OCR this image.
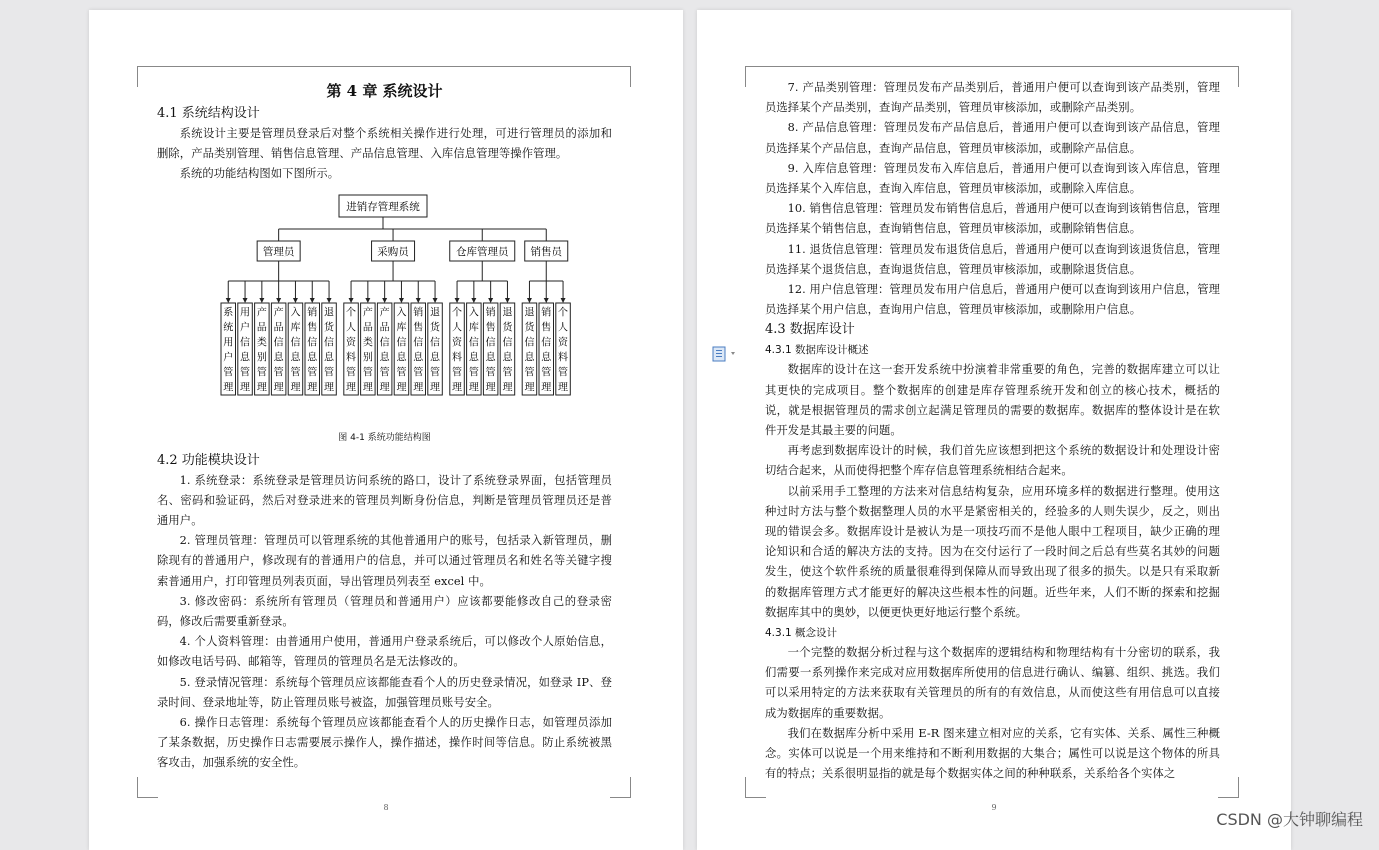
第 4 章 系统设计
4.1 系统结构设计

系统设计主要是管理员登录后对整个系统相关操作进行处理，可进行管理员的添加和删除，产品类别管理、销售信息管理、产品信息管理、入库信息管理等操作管理。

系统的功能结构图如下图所示。

进销存管理系统
管理员
系
统
用
户
管
理
用
户
信
息
管
理
产
品
类
别
管
理
产
品
信
息
管
理
入
库
信
息
管
理
销
售
信
息
管
理
退
货
信
息
管
理
采购员
个
人
资
料
管
理
产
品
类
别
管
理
产
品
信
息
管
理
入
库
信
息
管
理
销
售
信
息
管
理
退
货
信
息
管
理
仓库管理员
个
人
资
料
管
理
入
库
信
息
管
理
销
售
信
息
管
理
退
货
信
息
管
理
销售员
退
货
信
息
管
理
销
售
信
息
管
理
个
人
资
料
管
理
图 4-1 系统功能结构图
4.2 功能模块设计

1. 系统登录：系统登录是管理员访问系统的路口，设计了系统登录界面，包括管理员名、密码和验证码，然后对登录进来的管理员判断身份信息，判断是管理员管理员还是普通用户。

2. 管理员管理：管理员可以管理系统的其他普通用户的账号，包括录入新管理员，删除现有的普通用户，修改现有的普通用户的信息，并可以通过管理员名和姓名等关键字搜索普通用户，打印管理员列表页面，导出管理员列表至 excel 中。

3. 修改密码：系统所有管理员（管理员和普通用户）应该都要能修改自己的登录密码，修改后需要重新登录。

4. 个人资料管理：由普通用户使用，普通用户登录系统后，可以修改个人原始信息，如修改电话号码、邮箱等，管理员的管理员名是无法修改的。

5. 登录情况管理：系统每个管理员应该都能查看个人的历史登录情况，如登录 IP、登录时间、登录地址等，防止管理员账号被盗，加强管理员账号安全。

6. 操作日志管理：系统每个管理员应该都能查看个人的历史操作日志，如管理员添加了某条数据，历史操作日志需要展示操作人，操作描述，操作时间等信息。防止系统被黑客攻击，加强系统的安全性。

8

7. 产品类别管理：管理员发布产品类别后，普通用户便可以查询到该产品类别，管理员选择某个产品类别，查询产品类别，管理员审核添加，或删除产品类别。

8. 产品信息管理：管理员发布产品信息后，普通用户便可以查询到该产品信息，管理员选择某个产品信息，查询产品信息，管理员审核添加，或删除产品信息。

9. 入库信息管理：管理员发布入库信息后，普通用户便可以查询到该入库信息，管理员选择某个入库信息，查询入库信息，管理员审核添加，或删除入库信息。

10. 销售信息管理：管理员发布销售信息后，普通用户便可以查询到该销售信息，管理员选择某个销售信息，查询销售信息，管理员审核添加，或删除销售信息。

11. 退货信息管理：管理员发布退货信息后，普通用户便可以查询到该退货信息，管理员选择某个退货信息，查询退货信息，管理员审核添加，或删除退货信息。

12. 用户信息管理：管理员发布用户信息后，普通用户便可以查询到该用户信息，管理员选择某个用户信息，查询用户信息，管理员审核添加，或删除用户信息。

4.3 数据库设计
4.3.1 数据库设计概述

数据库的设计在这一套开发系统中扮演着非常重要的角色，完善的数据库建立可以让其更快的完成项目。整个数据库的创建是库存管理系统开发和创立的核心技术，概括的说，就是根据管理员的需求创立起满足管理员的需要的数据库。数据库的整体设计是在软件开发是其最主要的问题。

再考虑到数据库设计的时候，我们首先应该想到把这个系统的数据设计和处理设计密切结合起来，从而使得把整个库存信息管理系统相结合起来。

以前采用手工整理的方法来对信息结构复杂，应用环境多样的数据进行整理。使用这种过时方法与整个数据整理人员的水平是紧密相关的，经验多的人则失误少，反之，则出现的错误会多。数据库设计是被认为是一项技巧而不是他人眼中工程项目，缺少正确的理论知识和合适的解决方法的支持。因为在交付运行了一段时间之后总有些莫名其妙的问题发生，使这个软件系统的质量很难得到保障从而导致出现了很多的损失。以是只有采取新的数据库管理方式才能更好的解决这些根本性的问题。近些年来，人们不断的探索和挖掘数据库其中的奥妙，以便更快更好地运行整个系统。

4.3.1 概念设计

一个完整的数据分析过程与这个数据库的逻辑结构和物理结构有十分密切的联系，我们需要一系列操作来完成对应用数据库所使用的信息进行确认、编篡、组织、挑选。我们可以采用特定的方法来获取有关管理员的所有的有效信息，从而使这些有用信息可以直接成为数据库的重要数据。

我们在数据库分析中采用 E-R 图来建立相对应的关系，它有实体、关系、属性三种概念。实体可以说是一个用来维持和不断利用数据的大集合；属性可以说是这个物体的所具有的特点；关系很明显指的就是每个数据实体之间的种种联系，关系给各个实体之

9
CSDN @大钟聊编程
